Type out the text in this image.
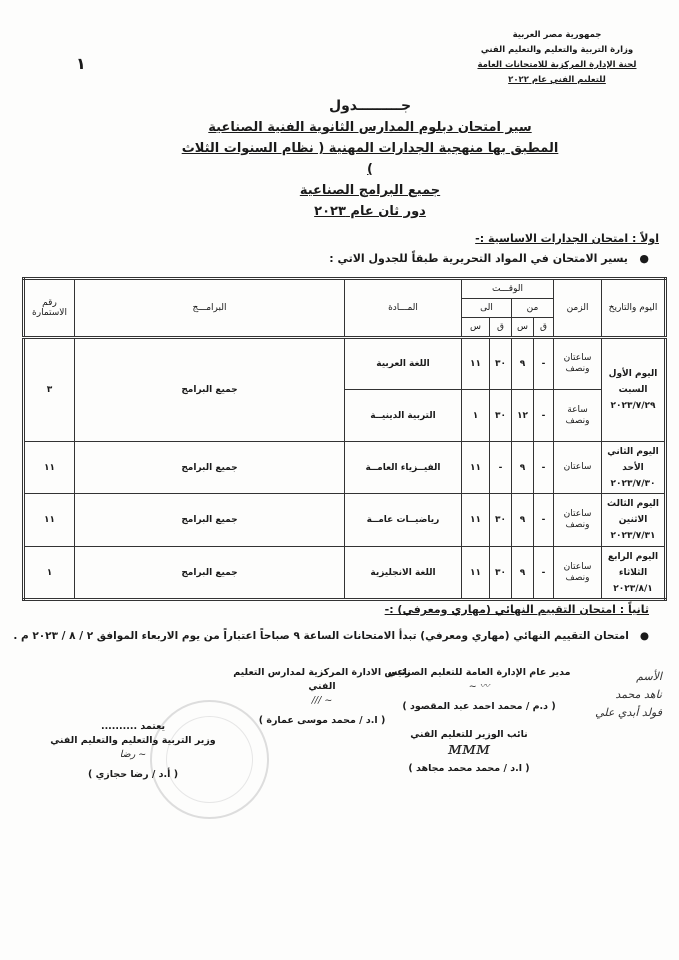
جمهورية مصر العربية
وزارة التربية والتعليم والتعليم الفني
لجنة الإدارة المركزية للامتحانات العامة
للتعليم الفني عام ٢٠٢٢
١
جـــــــــدول
سير امتحان دبلوم المدارس الثانوية الفنية الصناعية
المطبق بها منهجية الجدارات المهنية ( نظام السنوات الثلاث )
جميع البرامج الصناعية
دور ثان عام ٢٠٢٣
اولاً : امتحان الجدارات الاساسية :-
●   يسير الامتحان في المواد التحريرية طبقاً للجدول الاتي :
اليوم والتاريخ	الزمن	الوقـــت				المـــادة	البرامـــج	رقم الاستمارة
		من		الى				
		ق	س	ق	س			

اليوم الأول
السبت
٢٠٢٣/٧/٢٩	ساعتان ونصف	-	٩	٣٠	١١	اللغة العربية	جميع البرامج	٣
	ساعة ونصف	-	١٢	٣٠	١	التربية الدينيــة		

اليوم الثاني
الأحد
٢٠٢٣/٧/٣٠	ساعتان	-	٩	-	١١	الفيــزياء العامــة	جميع البرامج	١١

اليوم الثالث
الاثنين
٢٠٢٣/٧/٣١	ساعتان ونصف	-	٩	٣٠	١١	رياضيــات عامــة	جميع البرامج	١١

اليوم الرابع
الثلاثاء
٢٠٢٣/٨/١	ساعتان ونصف	-	٩	٣٠	١١	اللغة الانجليزية	جميع البرامج	١
ثانياً : امتحان التقييم النهائي (مهاري ومعرفي) :-
●   امتحان التقييم النهائي (مهاري ومعرفي) تبدأ الامتحانات الساعة ٩ صباحاً اعتباراً من يوم الاربعاء الموافق ٢ / ٨ / ٢٠٢٣ م .
مدير عام الإدارة العامة للتعليم الصناعي
〰 ~
( د.م / محمد احمد عبد المقصود )
نائب الوزير للتعليم الفني
ᴍᴍᴍ
( ا.د / محمد محمد مجاهد )
رئيس الادارة المركزية لمدارس التعليم الفني
~ ///
( ا.د / محمد موسى عمارة )
يعتمد ..........
وزير التربية والتعليم والتعليم الفني
~ رضا
( أ.د / رضا حجازي )
الأسم
ناهد محمد
فولد أبدي علي
